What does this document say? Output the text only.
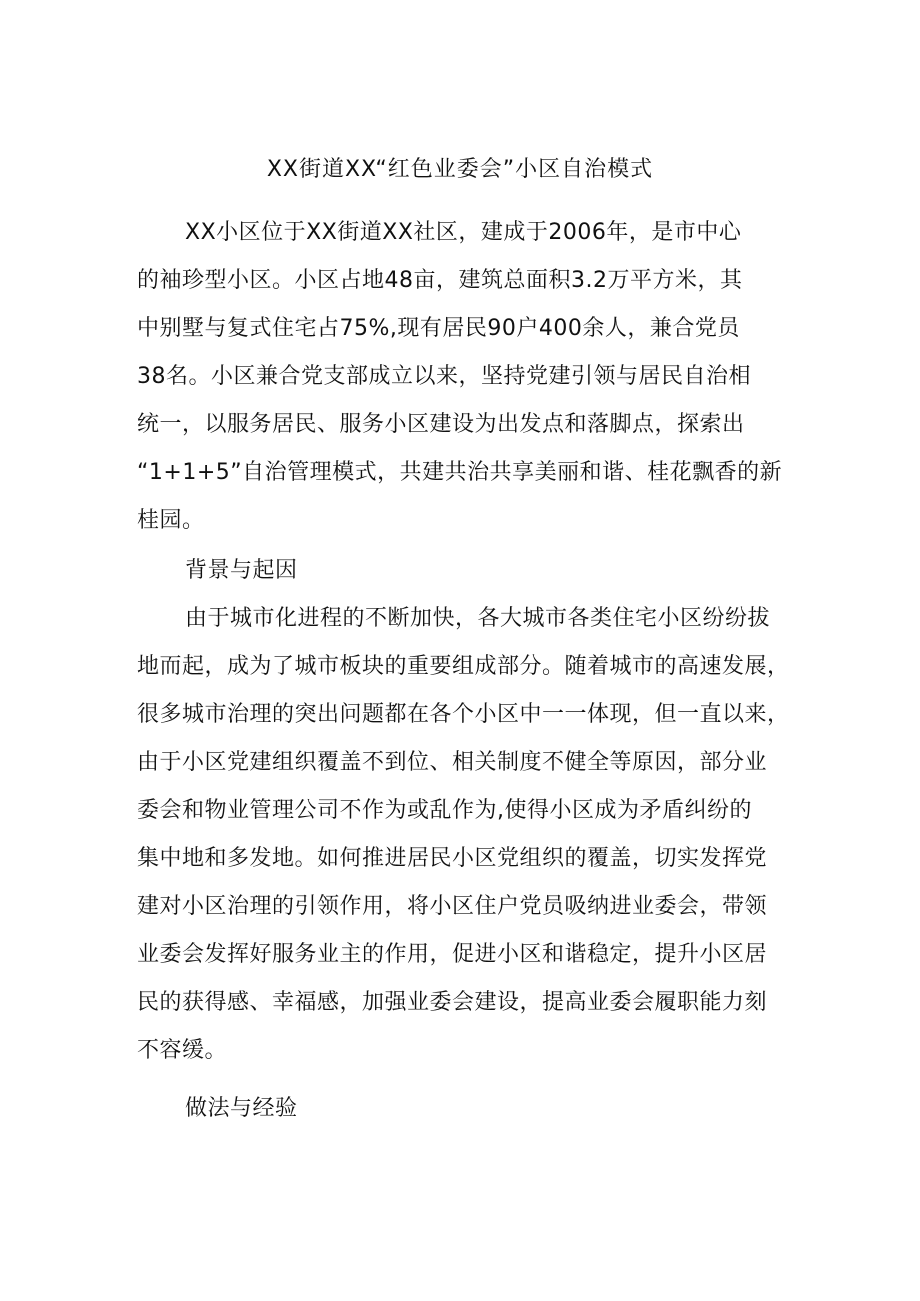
XX街道XX“红色业委会”小区自治模式
XX小区位于XX街道XX社区，建成于2006年，是市中心
的袖珍型小区。小区占地48亩，建筑总面积3.2万平方米，其
中别墅与复式住宅占75%,现有居民90户400余人，兼合党员
38名。小区兼合党支部成立以来，坚持党建引领与居民自治相
统一，以服务居民、服务小区建设为出发点和落脚点，探索出
“1+1+5”自治管理模式，共建共治共享美丽和谐、桂花飘香的新
桂园。
背景与起因
由于城市化进程的不断加快，各大城市各类住宅小区纷纷拔
地而起，成为了城市板块的重要组成部分。随着城市的高速发展，
很多城市治理的突出问题都在各个小区中一一体现，但一直以来，
由于小区党建组织覆盖不到位、相关制度不健全等原因，部分业
委会和物业管理公司不作为或乱作为,使得小区成为矛盾纠纷的
集中地和多发地。如何推进居民小区党组织的覆盖，切实发挥党
建对小区治理的引领作用，将小区住户党员吸纳进业委会，带领
业委会发挥好服务业主的作用，促进小区和谐稳定，提升小区居
民的获得感、幸福感，加强业委会建设，提高业委会履职能力刻
不容缓。
做法与经验
